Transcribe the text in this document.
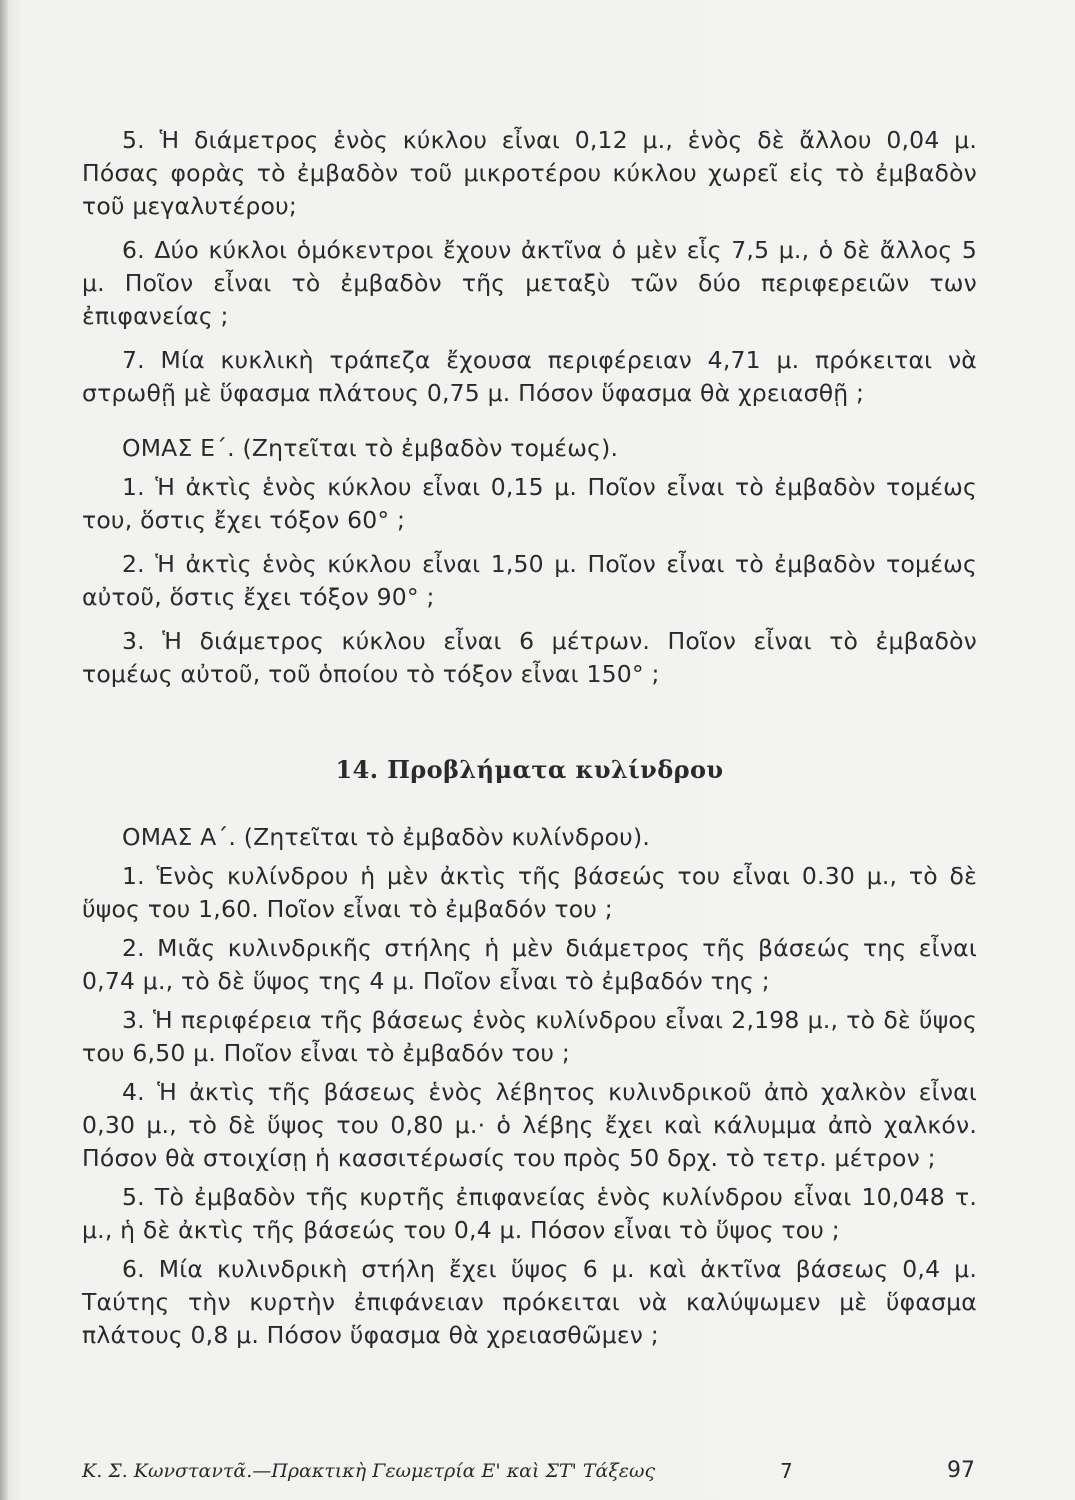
5. Ἡ διάμετρος ἑνὸς κύκλου εἶναι 0,12 μ., ἑνὸς δὲ ἄλλου 0,04 μ. Πόσας φορὰς τὸ ἐμβαδὸν τοῦ μικροτέρου κύκλου χωρεῖ εἰς τὸ ἐμβαδὸν τοῦ μεγαλυτέρου;

6. Δύο κύκλοι ὁμόκεντροι ἔχουν ἀκτῖνα ὁ μὲν εἷς 7,5 μ., ὁ δὲ ἄλλος 5 μ. Ποῖον εἶναι τὸ ἐμβαδὸν τῆς μεταξὺ τῶν δύο περιφερειῶν των ἐπιφανείας ;

7. Μία κυκλικὴ τράπεζα ἔχουσα περιφέρειαν 4,71 μ. πρόκειται νὰ στρωθῇ μὲ ὕφασμα πλάτους 0,75 μ. Πόσον ὕφασμα θὰ χρειασθῇ ;

ΟΜΑΣ Ε΄. (Ζητεῖται τὸ ἐμβαδὸν τομέως).

1. Ἡ ἀκτὶς ἑνὸς κύκλου εἶναι 0,15 μ. Ποῖον εἶναι τὸ ἐμβαδὸν τομέως του, ὅστις ἔχει τόξον 60° ;

2. Ἡ ἀκτὶς ἑνὸς κύκλου εἶναι 1,50 μ. Ποῖον εἶναι τὸ ἐμβαδὸν τομέως αὐτοῦ, ὅστις ἔχει τόξον 90° ;

3. Ἡ διάμετρος κύκλου εἶναι 6 μέτρων. Ποῖον εἶναι τὸ ἐμβαδὸν τομέως αὐτοῦ, τοῦ ὁποίου τὸ τόξον εἶναι 150° ;

14. Προβλήματα κυλίνδρου

ΟΜΑΣ Α΄. (Ζητεῖται τὸ ἐμβαδὸν κυλίνδρου).

1. Ἑνὸς κυλίνδρου ἡ μὲν ἀκτὶς τῆς βάσεώς του εἶναι 0.30 μ., τὸ δὲ ὕψος του 1,60. Ποῖον εἶναι τὸ ἐμβαδόν του ;

2. Μιᾶς κυλινδρικῆς στήλης ἡ μὲν διάμετρος τῆς βάσεώς της εἶναι 0,74 μ., τὸ δὲ ὕψος της 4 μ. Ποῖον εἶναι τὸ ἐμβαδόν της ;

3. Ἡ περιφέρεια τῆς βάσεως ἑνὸς κυλίνδρου εἶναι 2,198 μ., τὸ δὲ ὕψος του 6,50 μ. Ποῖον εἶναι τὸ ἐμβαδόν του ;

4. Ἡ ἀκτὶς τῆς βάσεως ἑνὸς λέβητος κυλινδρικοῦ ἀπὸ χαλκὸν εἶναι 0,30 μ., τὸ δὲ ὕψος του 0,80 μ.· ὁ λέβης ἔχει καὶ κάλυμμα ἀπὸ χαλκόν. Πόσον θὰ στοιχίσῃ ἡ κασσιτέρωσίς του πρὸς 50 δρχ. τὸ τετρ. μέτρον ;

5. Τὸ ἐμβαδὸν τῆς κυρτῆς ἐπιφανείας ἑνὸς κυλίνδρου εἶναι 10,048 τ. μ., ἡ δὲ ἀκτὶς τῆς βάσεώς του 0,4 μ. Πόσον εἶναι τὸ ὕψος του ;

6. Μία κυλινδρικὴ στήλη ἔχει ὕψος 6 μ. καὶ ἀκτῖνα βάσεως 0,4 μ. Ταύτης τὴν κυρτὴν ἐπιφάνειαν πρόκειται νὰ καλύψωμεν μὲ ὕφασμα πλάτους 0,8 μ. Πόσον ὕφασμα θὰ χρειασθῶμεν ;

Κ. Σ. Κωνσταντᾶ.—Πρακτικὴ Γεωμετρία Ε' καὶ ΣΤ' Τάξεως	7	97
